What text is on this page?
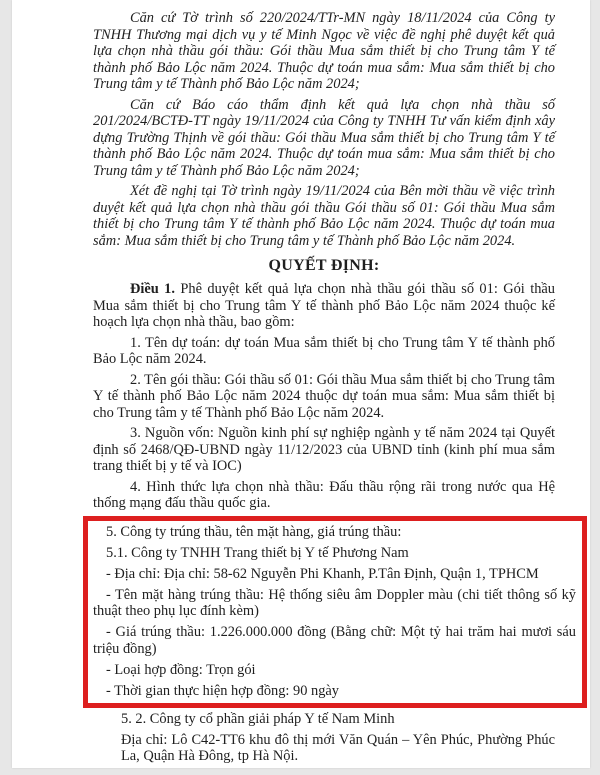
Căn cứ Tờ trình số 220/2024/TTr-MN ngày 18/11/2024 của Công ty TNHH Thương mại dịch vụ y tế Minh Ngọc về việc đề nghị phê duyệt kết quả lựa chọn nhà thầu gói thầu: Gói thầu Mua sắm thiết bị cho Trung tâm Y tế thành phố Bảo Lộc năm 2024. Thuộc dự toán mua sắm: Mua sắm thiết bị cho Trung tâm y tế Thành phố Bảo Lộc năm 2024;

Căn cứ Báo cáo thẩm định kết quả lựa chọn nhà thầu số 201/2024/BCTĐ-TT ngày 19/11/2024 của Công ty TNHH Tư vấn kiểm định xây dựng Trường Thịnh về gói thầu: Gói thầu Mua sắm thiết bị cho Trung tâm Y tế thành phố Bảo Lộc năm 2024. Thuộc dự toán mua sắm: Mua sắm thiết bị cho Trung tâm y tế Thành phố Bảo Lộc năm 2024;

Xét đề nghị tại Tờ trình ngày 19/11/2024 của Bên mời thầu về việc trình duyệt kết quả lựa chọn nhà thầu gói thầu Gói thầu số 01: Gói thầu Mua sắm thiết bị cho Trung tâm Y tế thành phố Bảo Lộc năm 2024. Thuộc dự toán mua sắm: Mua sắm thiết bị cho Trung tâm y tế Thành phố Bảo Lộc năm 2024.

QUYẾT ĐỊNH:

Điều 1. Phê duyệt kết quả lựa chọn nhà thầu gói thầu số 01: Gói thầu Mua sắm thiết bị cho Trung tâm Y tế thành phố Bảo Lộc năm 2024 thuộc kế hoạch lựa chọn nhà thầu, bao gồm:

1. Tên dự toán: dự toán Mua sắm thiết bị cho Trung tâm Y tế thành phố Bảo Lộc năm 2024.

2. Tên gói thầu: Gói thầu số 01: Gói thầu Mua sắm thiết bị cho Trung tâm Y tế thành phố Bảo Lộc năm 2024 thuộc dự toán mua sắm: Mua sắm thiết bị cho Trung tâm y tế Thành phố Bảo Lộc năm 2024.

3. Nguồn vốn: Nguồn kinh phí sự nghiệp ngành y tế năm 2024 tại Quyết định số 2468/QĐ-UBND ngày 11/12/2023 của UBND tỉnh (kinh phí mua sắm trang thiết bị y tế và IOC)

4. Hình thức lựa chọn nhà thầu: Đấu thầu rộng rãi trong nước qua Hệ thống mạng đấu thầu quốc gia.

5. Công ty trúng thầu, tên mặt hàng, giá trúng thầu:

5.1. Công ty TNHH Trang thiết bị Y tế Phương Nam

- Địa chỉ: Địa chỉ: 58-62 Nguyễn Phi Khanh, P.Tân Định, Quận 1, TPHCM

- Tên mặt hàng trúng thầu: Hệ thống siêu âm Doppler màu (chi tiết thông số kỹ thuật theo phụ lục đính kèm)

- Giá trúng thầu: 1.226.000.000 đồng (Bằng chữ: Một tỷ hai trăm hai mươi sáu triệu đồng)

- Loại hợp đồng: Trọn gói

- Thời gian thực hiện hợp đồng: 90 ngày

5. 2. Công ty cổ phần giải pháp Y tế Nam Minh

Địa chỉ: Lô C42-TT6 khu đô thị mới Văn Quán – Yên Phúc, Phường Phúc La, Quận Hà Đông, tp Hà Nội.
